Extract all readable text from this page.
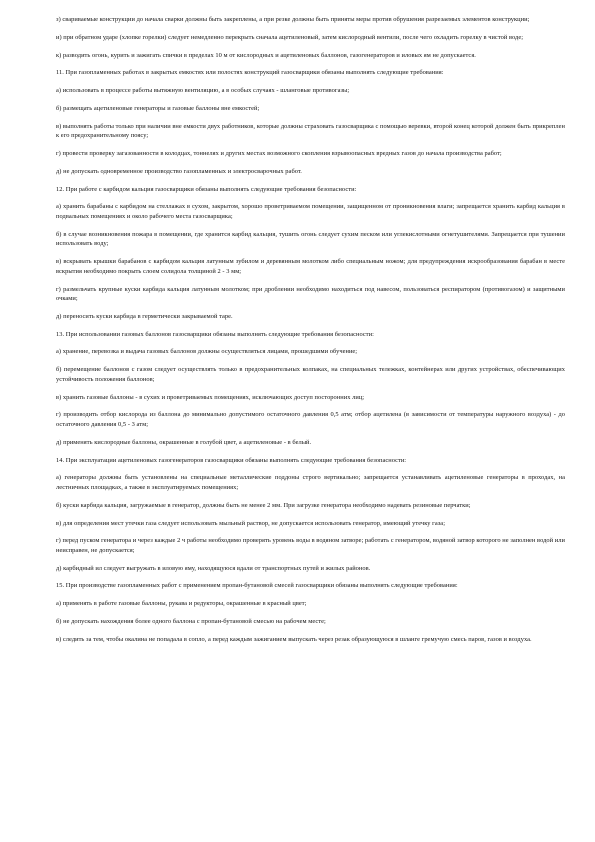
з) свариваемые конструкции до начала сварки должны быть закреплены, а при резке должны быть приняты меры против обрушения разрезаемых элементов конструкции;

и) при обратном ударе (хлопке горелки) следует немедленно перекрыть сначала ацетиленовый, затем кислородный вентили, после чего охладить горелку в чистой воде;

к) разводить огонь, курить и зажигать спички в пределах 10 м от кислородных и ацетиленовых баллонов, газогенераторов и иловых ям не допускается.

11. При газопламенных работах в закрытых емкостях или полостях конструкций газосварщики обязаны выполнять следующие требования:

а) использовать в процессе работы вытяжную вентиляцию, а в особых случаях - шланговые противогазы;

б) размещать ацетиленовые генераторы и газовые баллоны вне емкостей;

в) выполнять работы только при наличии вне емкости двух работников, которые должны страховать газосварщика с помощью веревки, второй конец которой должен быть прикреплен к его предохранительному поясу;

г) провести проверку загазованности в колодцах, тоннелях и других местах возможного скопления взрывоопасных вредных газов до начала производства работ;

д) не допускать одновременное производство газопламенных и электросварочных работ.

12. При работе с карбидом кальция газосварщики обязаны выполнять следующие требования безопасности:

а) хранить барабаны с карбидом на стеллажах в сухом, закрытом, хорошо проветриваемом помещении, защищенном от проникновения влаги; запрещается хранить карбид кальция в подвальных помещениях и около рабочего места газосварщика;

б) в случае возникновения пожара в помещении, где хранится карбид кальция, тушить огонь следует сухим песком или углекислотными огнетушителями. Запрещается при тушении использовать воду;

в) вскрывать крышки барабанов с карбидом кальция латунным зубилом и деревянным молотком либо специальным ножом; для предупреждения искрообразования барабан в месте вскрытия необходимо покрыть слоем солидола толщиной 2 - 3 мм;

г) размельчать крупные куски карбида кальция латунным молотком; при дроблении необходимо находиться под навесом, пользоваться респиратором (противогазом) и защитными очками;

д) переносить куски карбида в герметически закрываемой таре.

13. При использовании газовых баллонов газосварщики обязаны выполнять следующие требования безопасности:

а) хранение, перевозка и выдача газовых баллонов должны осуществляться лицами, прошедшими обучение;

б) перемещение баллонов с газом следует осуществлять только в предохранительных колпаках, на специальных тележках, контейнерах или других устройствах, обеспечивающих устойчивость положения баллонов;

в) хранить газовые баллоны - в сухих и проветриваемых помещениях, исключающих доступ посторонних лиц;

г) производить отбор кислорода из баллона до минимально допустимого остаточного давления 0,5 атм; отбор ацетилена (в зависимости от температуры наружного воздуха) - до остаточного давления 0,5 - 3 атм;

д) применять кислородные баллоны, окрашенные в голубой цвет, а ацетиленовые - в белый.

14. При эксплуатации ацетиленовых газогенераторов газосварщики обязаны выполнять следующие требования безопасности:

а) генераторы должны быть установлены на специальные металлические поддоны строго вертикально; запрещается устанавливать ацетиленовые генераторы в проходах, на лестничных площадках, а также в эксплуатируемых помещениях;

б) куски карбида кальция, загружаемые в генератор, должны быть не менее 2 мм. При загрузке генератора необходимо надевать резиновые перчатки;

в) для определения мест утечки газа следует использовать мыльный раствор, не допускается использовать генератор, имеющий утечку газа;

г) перед пуском генератора и через каждые 2 ч работы необходимо проверять уровень воды в водяном затворе; работать с генератором, водяной затвор которого не заполнен водой или неисправен, не допускается;

д) карбидный ил следует выгружать в иловую яму, находящуюся вдали от транспортных путей и жилых районов.

15. При производстве газопламенных работ с применением пропан-бутановой смесей газосварщики обязаны выполнять следующие требования:

а) применять в работе газовые баллоны, рукава и редукторы, окрашенные в красный цвет;

б) не допускать нахождения более одного баллона с пропан-бутановой смесью на рабочем месте;

в) следить за тем, чтобы окалина не попадала в сопло, а перед каждым зажиганием выпускать через резак образующуюся в шланге гремучую смесь паров, газов и воздуха.
